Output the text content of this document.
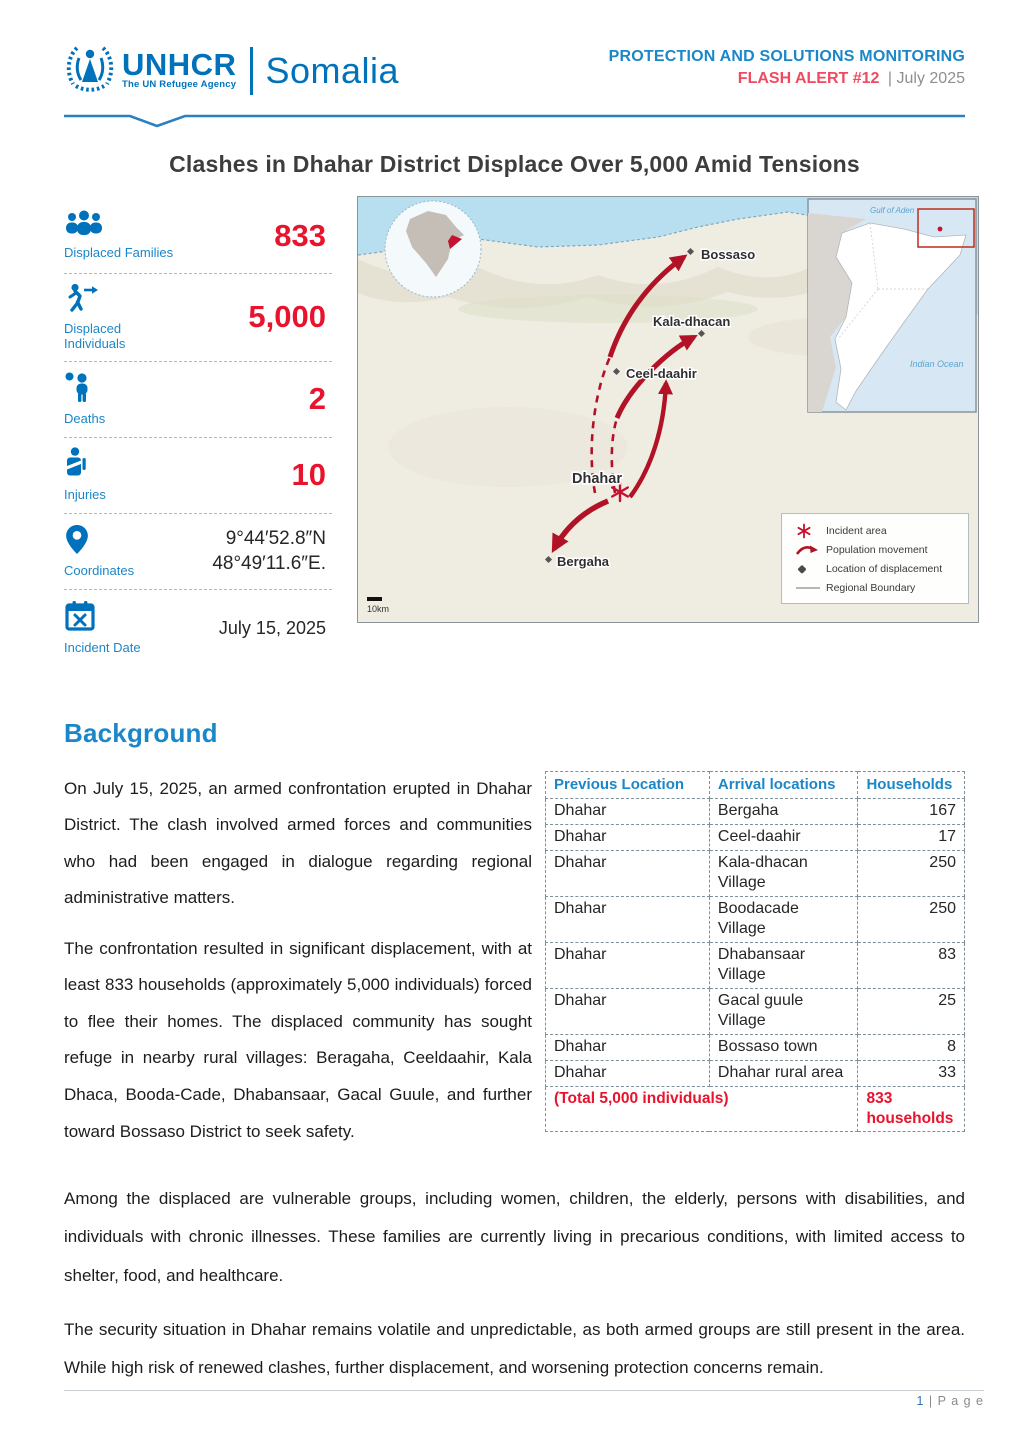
UNHCR
The UN Refugee Agency Somalia	PROTECTION AND SOLUTIONS MONITORING
FLASH ALERT #12 | July 2025
Clashes in Dhahar District Displace Over 5,000 Amid Tensions
Displaced Families
833
Displaced Individuals
5,000
Deaths
2
Injuries
10
Coordinates
9°44′52.8″N
48°49′11.6″E.
Incident Date
July 15, 2025
Bossaso
Kala-dhacan
Ceel-daahir
Dhahar
Bergaha
Gulf of Aden
Indian Ocean
Incident area
Population movement
Location of displacement
Regional Boundary
10km
Background

On July 15, 2025, an armed confrontation erupted in Dhahar District. The clash involved armed forces and communities who had been engaged in dialogue regarding regional administrative matters.

The confrontation resulted in significant displacement, with at least 833 households (approximately 5,000 individuals) forced to flee their homes. The displaced community has sought refuge in nearby rural villages: Beragaha, Ceeldaahir, Kala Dhaca, Booda-Cade, Dhabansaar, Gacal Guule, and further toward Bossaso District to seek safety.

Previous Location	Arrival locations	Households
Dhahar	Bergaha	167
Dhahar	Ceel-daahir	17
Dhahar	Kala-dhacan Village	250
Dhahar	Boodacade Village	250
Dhahar	Dhabansaar Village	83
Dhahar	Gacal guule Village	25
Dhahar	Bossaso town	8
Dhahar	Dhahar rural area	33
(Total 5,000 individuals)		833 households

Among the displaced are vulnerable groups, including women, children, the elderly, persons with disabilities, and individuals with chronic illnesses. These families are currently living in precarious conditions, with limited access to shelter, food, and healthcare.

The security situation in Dhahar remains volatile and unpredictable, as both armed groups are still present in the area. While high risk of renewed clashes, further displacement, and worsening protection concerns remain.

1 | P a g e
